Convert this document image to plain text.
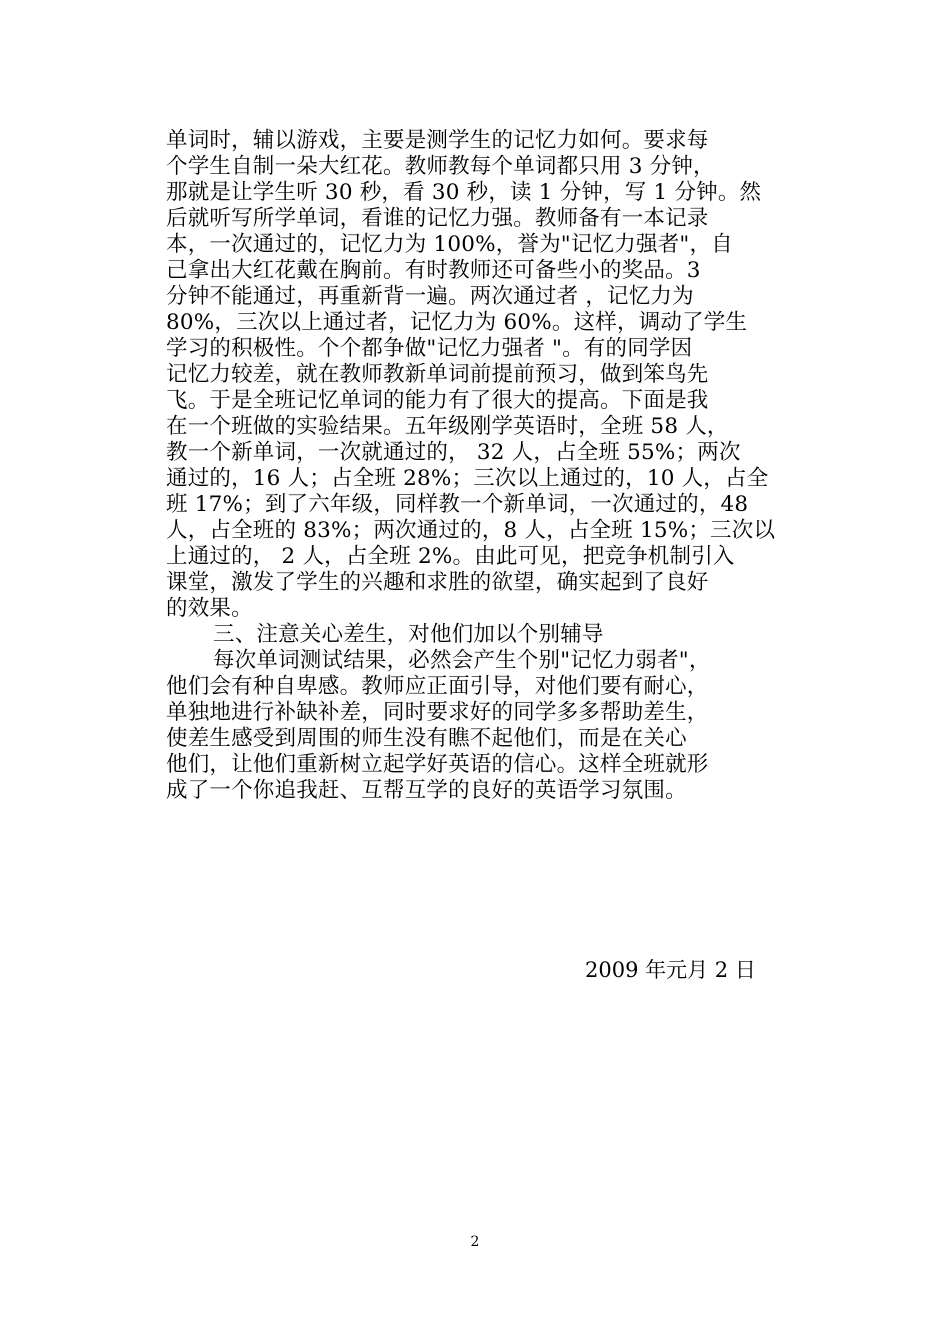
单词时，辅以游戏，主要是测学生的记忆力如何。要求每
个学生自制一朵大红花。教师教每个单词都只用 3 分钟，
那就是让学生听 30 秒，看 30 秒，读 1 分钟，写 1 分钟。然
后就听写所学单词，看谁的记忆力强。教师备有一本记录
本，一次通过的，记忆力为 100%，誉为"记忆力强者"，自
己拿出大红花戴在胸前。有时教师还可备些小的奖品。3
分钟不能通过，再重新背一遍。两次通过者 ，记忆力为
80%，三次以上通过者，记忆力为 60%。这样，调动了学生
学习的积极性。个个都争做"记忆力强者 "。有的同学因
记忆力较差，就在教师教新单词前提前预习，做到笨鸟先
飞。于是全班记忆单词的能力有了很大的提高。下面是我
在一个班做的实验结果。五年级刚学英语时，全班 58 人，
教一个新单词，一次就通过的， 32 人，占全班 55%；两次
通过的，16 人；占全班 28%；三次以上通过的，10 人，占全
班 17%；到了六年级，同样教一个新单词，一次通过的，48
人，占全班的 83%；两次通过的，8 人，占全班 15%；三次以
上通过的， 2 人，占全班 2%。由此可见，把竞争机制引入
课堂，激发了学生的兴趣和求胜的欲望，确实起到了良好
的效果。
三、注意关心差生，对他们加以个别辅导
每次单词测试结果，必然会产生个别"记忆力弱者"，
他们会有种自卑感。教师应正面引导，对他们要有耐心，
单独地进行补缺补差，同时要求好的同学多多帮助差生，
使差生感受到周围的师生没有瞧不起他们，而是在关心
他们，让他们重新树立起学好英语的信心。这样全班就形
成了一个你追我赶、互帮互学的良好的英语学习氛围。
2009 年元月 2 日
2
